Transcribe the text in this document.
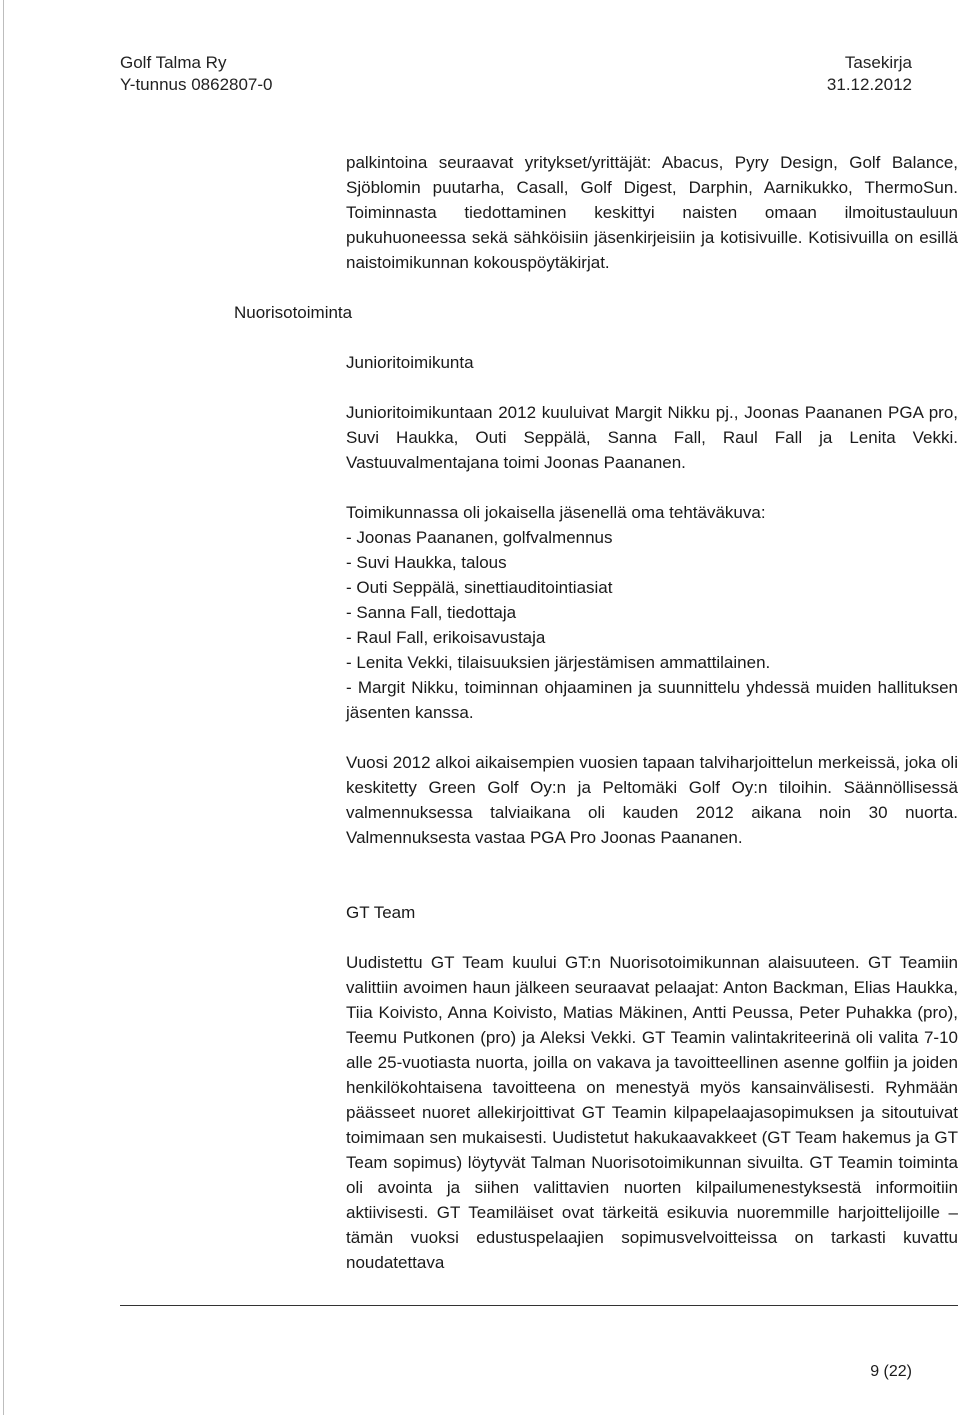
Golf Talma Ry
Y-tunnus 0862807-0
Tasekirja
31.12.2012

palkintoina seuraavat yritykset/yrittäjät: Abacus, Pyry Design, Golf Balance, Sjöblomin puutarha, Casall, Golf Digest, Darphin, Aarnikukko, ThermoSun. Toiminnasta tiedottaminen keskittyi naisten omaan ilmoitustauluun pukuhuoneessa sekä sähköisiin jäsenkirjeisiin ja kotisivuille. Kotisivuilla on esillä naistoimikunnan kokouspöytäkirjat.

Nuorisotoiminta
Junioritoimikunta

Junioritoimikuntaan 2012 kuuluivat Margit Nikku pj., Joonas Paananen PGA pro, Suvi Haukka, Outi Seppälä, Sanna Fall, Raul Fall ja Lenita Vekki. Vastuuvalmentajana toimi Joonas Paananen.

Toimikunnassa oli jokaisella jäsenellä oma tehtäväkuva:
- Joonas Paananen, golfvalmennus
- Suvi Haukka, talous
- Outi Seppälä, sinettiauditointiasiat
- Sanna Fall, tiedottaja
- Raul Fall, erikoisavustaja
- Lenita Vekki, tilaisuuksien järjestämisen ammattilainen.

- Margit Nikku, toiminnan ohjaaminen ja suunnittelu yhdessä muiden hallituksen jäsenten kanssa.

Vuosi 2012 alkoi aikaisempien vuosien tapaan talviharjoittelun merkeissä, joka oli keskitetty Green Golf Oy:n ja Peltomäki Golf Oy:n tiloihin. Säännöllisessä valmennuksessa talviaikana oli kauden 2012 aikana noin 30 nuorta. Valmennuksesta vastaa PGA Pro Joonas Paananen.

GT Team

Uudistettu GT Team kuului GT:n Nuorisotoimikunnan alaisuuteen. GT Teamiin valittiin avoimen haun jälkeen seuraavat pelaajat: Anton Backman, Elias Haukka, Tiia Koivisto, Anna Koivisto, Matias Mäkinen, Antti Peussa, Peter Puhakka (pro), Teemu Putkonen (pro) ja Aleksi Vekki. GT Teamin valintakriteerinä oli valita 7-10 alle 25-vuotiasta nuorta, joilla on vakava ja tavoitteellinen asenne golfiin ja joiden henkilökohtaisena tavoitteena on menestyä myös kansainvälisesti. Ryhmään päässeet nuoret allekirjoittivat GT Teamin kilpapelaajasopimuksen ja sitoutuivat toimimaan sen mukaisesti. Uudistetut hakukaavakkeet (GT Team hakemus ja GT Team sopimus) löytyvät Talman Nuorisotoimikunnan sivuilta. GT Teamin toiminta oli avointa ja siihen valittavien nuorten kilpailumenestyksestä informoitiin aktiivisesti. GT Teamiläiset ovat tärkeitä esikuvia nuoremmille harjoittelijoille – tämän vuoksi edustuspelaajien sopimusvelvoitteissa on tarkasti kuvattu noudatettava

9 (22)
